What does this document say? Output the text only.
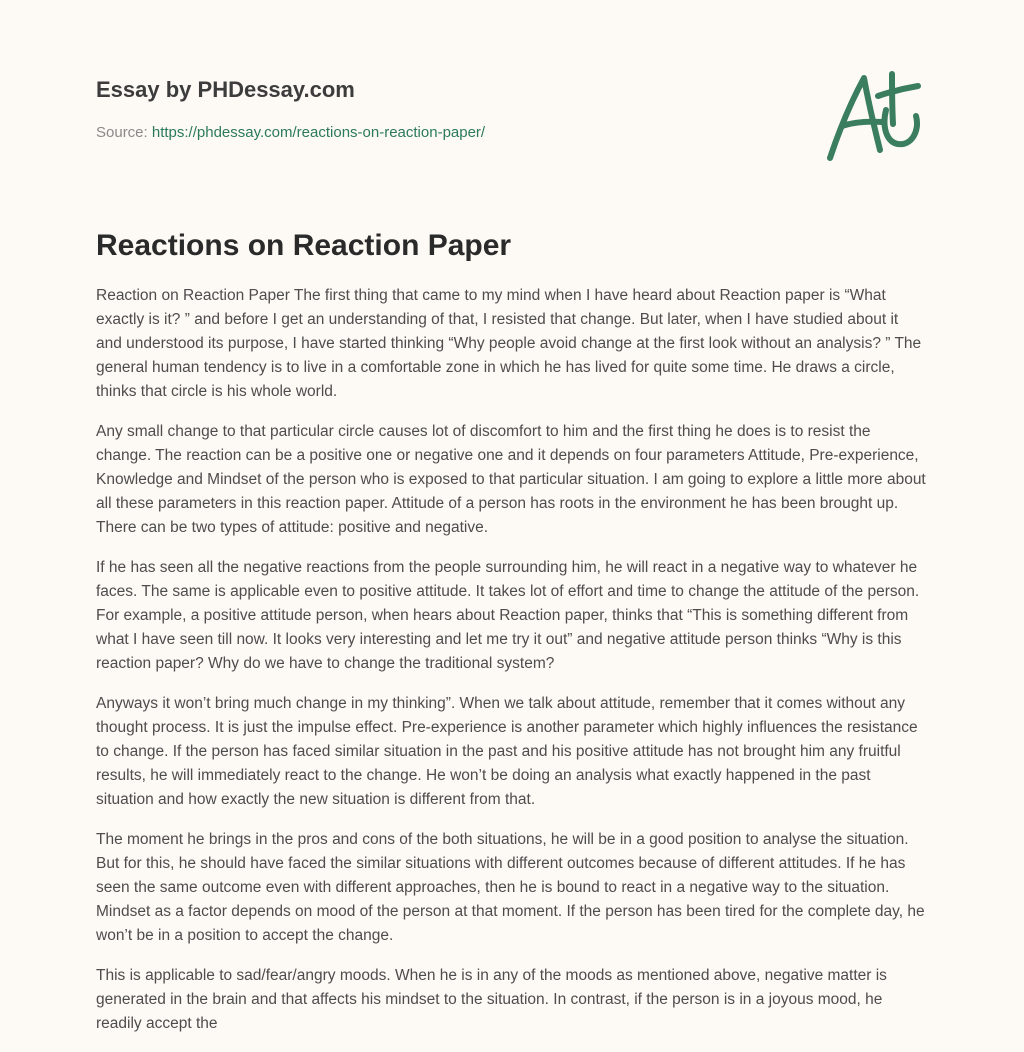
Essay by PHDessay.com
Source: https://phdessay.com/reactions-on-reaction-paper/
Reactions on Reaction Paper

Reaction on Reaction Paper The first thing that came to my mind when I have heard about Reaction paper is “What exactly is it? ” and before I get an understanding of that, I resisted that change. But later, when I have studied about it and understood its purpose, I have started thinking “Why people avoid change at the first look without an analysis? ” The general human tendency is to live in a comfortable zone in which he has lived for quite some time. He draws a circle, thinks that circle is his whole world.

Any small change to that particular circle causes lot of discomfort to him and the first thing he does is to resist the change. The reaction can be a positive one or negative one and it depends on four parameters Attitude, Pre-experience, Knowledge and Mindset of the person who is exposed to that particular situation. I am going to explore a little more about all these parameters in this reaction paper. Attitude of a person has roots in the environment he has been brought up. There can be two types of attitude: positive and negative.

If he has seen all the negative reactions from the people surrounding him, he will react in a negative way to whatever he faces. The same is applicable even to positive attitude. It takes lot of effort and time to change the attitude of the person. For example, a positive attitude person, when hears about Reaction paper, thinks that “This is something different from what I have seen till now. It looks very interesting and let me try it out” and negative attitude person thinks “Why is this reaction paper? Why do we have to change the traditional system?

Anyways it won’t bring much change in my thinking”. When we talk about attitude, remember that it comes without any thought process. It is just the impulse effect. Pre-experience is another parameter which highly influences the resistance to change. If the person has faced similar situation in the past and his positive attitude has not brought him any fruitful results, he will immediately react to the change. He won’t be doing an analysis what exactly happened in the past situation and how exactly the new situation is different from that.

The moment he brings in the pros and cons of the both situations, he will be in a good position to analyse the situation. But for this, he should have faced the similar situations with different outcomes because of different attitudes. If he has seen the same outcome even with different approaches, then he is bound to react in a negative way to the situation. Mindset as a factor depends on mood of the person at that moment. If the person has been tired for the complete day, he won’t be in a position to accept the change.

This is applicable to sad/fear/angry moods. When he is in any of the moods as mentioned above, negative matter is generated in the brain and that affects his mindset to the situation. In contrast, if the person is in a joyous mood, he readily accept the
